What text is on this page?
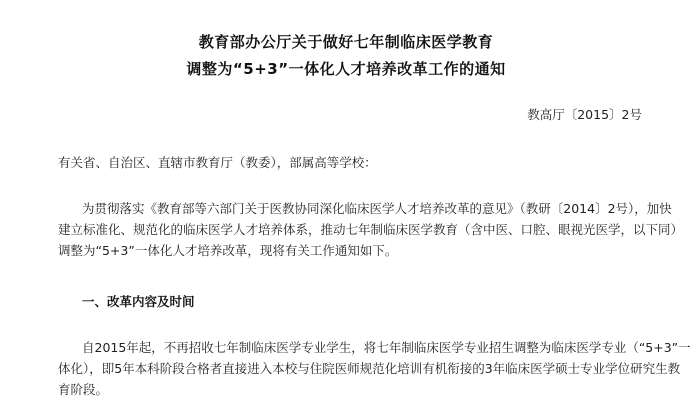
教育部办公厅关于做好七年制临床医学教育
调整为“5+3”一体化人才培养改革工作的通知
教高厅〔2015〕2号
有关省、自治区、直辖市教育厅（教委），部属高等学校：
为贯彻落实《教育部等六部门关于医教协同深化临床医学人才培养改革的意见》（教研〔2014〕2号），加快
建立标准化、规范化的临床医学人才培养体系，推动七年制临床医学教育（含中医、口腔、眼视光医学，以下同）
调整为“5+3”一体化人才培养改革，现将有关工作通知如下。
一、改革内容及时间
自2015年起，不再招收七年制临床医学专业学生，将七年制临床医学专业招生调整为临床医学专业（“5+3”一
体化），即5年本科阶段合格者直接进入本校与住院医师规范化培训有机衔接的3年临床医学硕士专业学位研究生教
育阶段。
